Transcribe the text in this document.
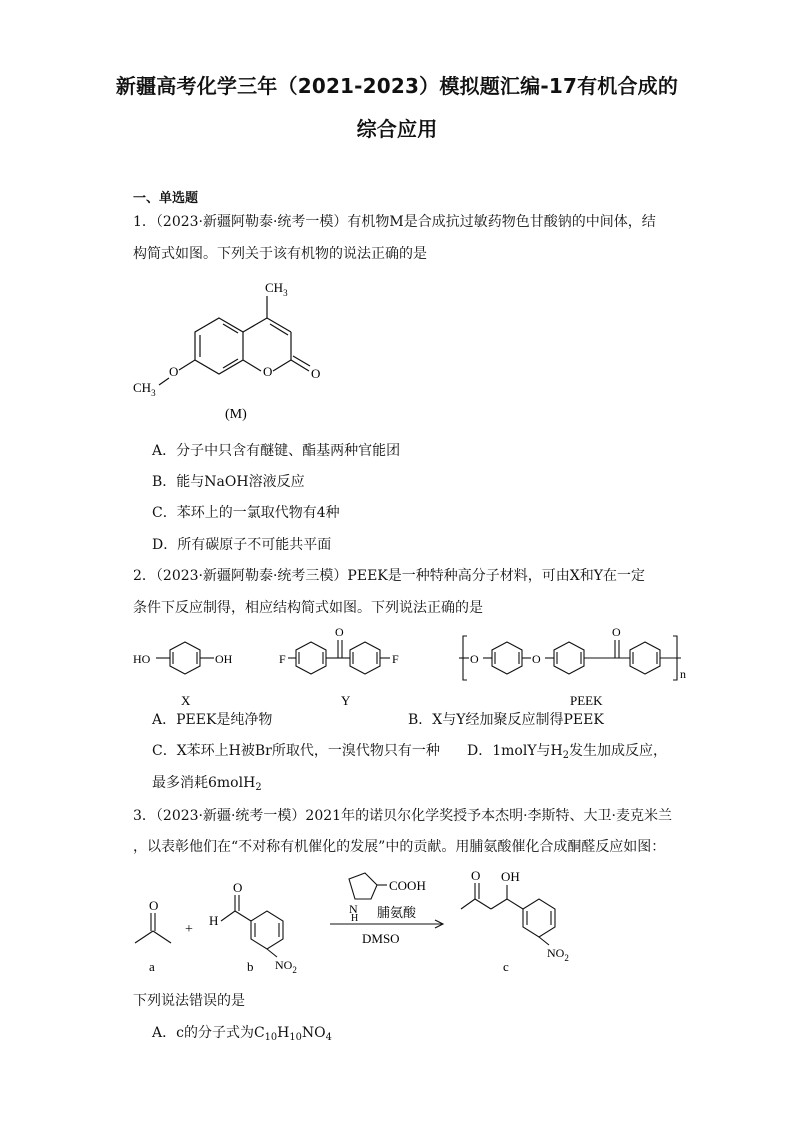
新疆高考化学三年（2021-2023）模拟题汇编-17有机合成的
综合应用
一、单选题
1．（2023·新疆阿勒泰·统考一模）有机物M是合成抗过敏药物色甘酸钠的中间体，结
构简式如图。下列关于该有机物的说法正确的是
$CH_3$
O	O
O
$CH_3$
(M)
A．分子中只含有醚键、酯基两种官能团
B．能与NaOH溶液反应
C．苯环上的一氯取代物有4种
D．所有碳原子不可能共平面
2．（2023·新疆阿勒泰·统考三模）PEEK是一种特种高分子材料，可由X和Y在一定
条件下反应制得，相应结构简式如图。下列说法正确的是
HO	OH
X
F	F
O
Y
O	O
O
n
PEEK
A．PEEK是纯净物	B．X与Y经加聚反应制得PEEK
C．X苯环上H被Br所取代，一溴代物只有一种 D．1molY与$H_2$发生加成反应，
最多消耗6molH$_2$
3．（2023·新疆·统考一模）2021年的诺贝尔化学奖授予本杰明·李斯特、大卫·麦克米兰
，以表彰他们在“不对称有机催化的发展”中的贡献。用脯氨酸催化合成酮醛反应如图：
O
a
+
H
O
$NO_2$
b
N
H
COOH
脯氨酸
DMSO
O OH
$NO_2$
c
下列说法错误的是
A．c的分子式为$C_{10}H_{10}NO_4$
